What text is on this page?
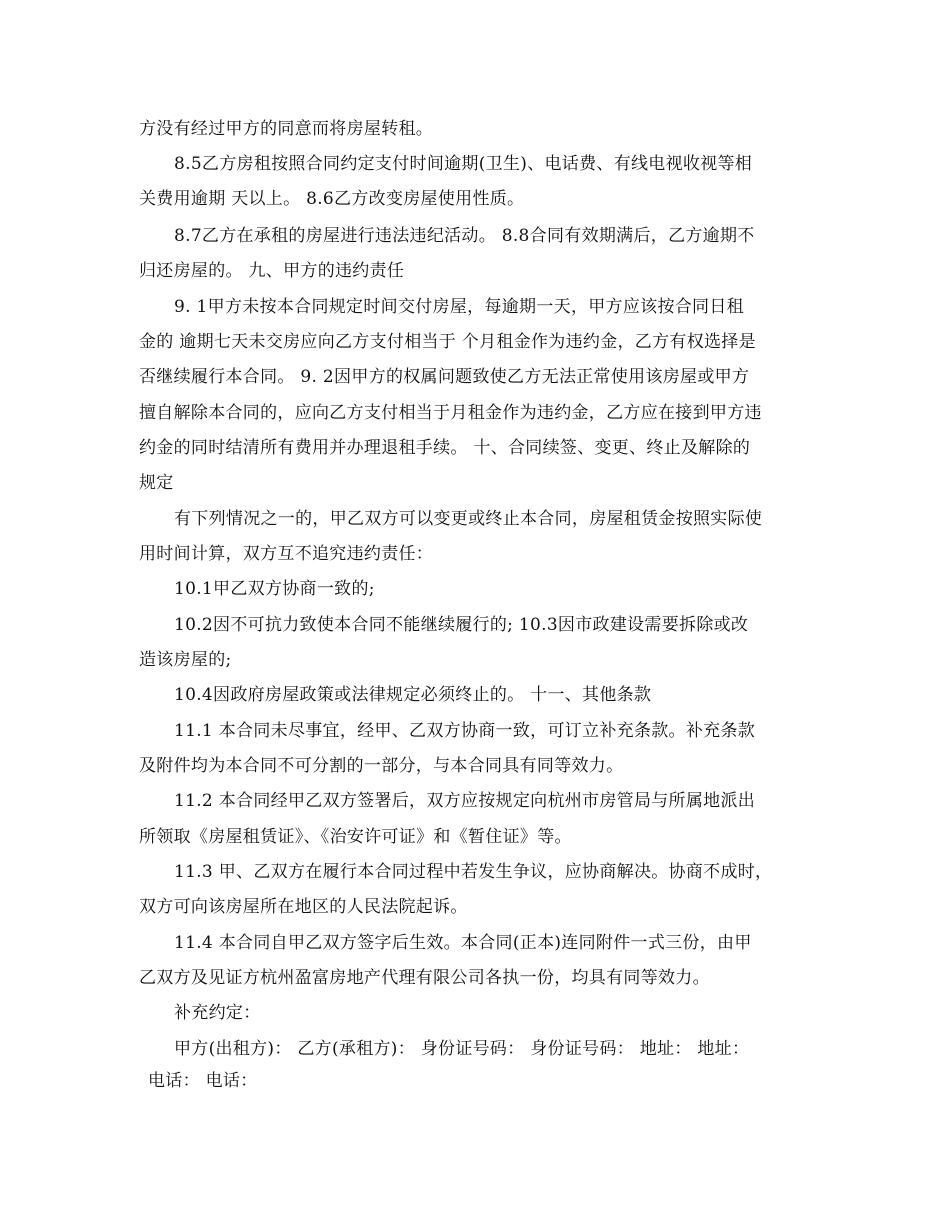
方没有经过甲方的同意而将房屋转租。
8.5乙方房租按照合同约定支付时间逾期(卫生)、电话费、有线电视收视等相
关费用逾期 天以上。 8.6乙方改变房屋使用性质。
8.7乙方在承租的房屋进行违法违纪活动。 8.8合同有效期满后，乙方逾期不
归还房屋的。 九、甲方的违约责任
9. 1甲方未按本合同规定时间交付房屋，每逾期一天，甲方应该按合同日租
金的 逾期七天未交房应向乙方支付相当于 个月租金作为违约金，乙方有权选择是
否继续履行本合同。 9. 2因甲方的权属问题致使乙方无法正常使用该房屋或甲方
擅自解除本合同的，应向乙方支付相当于月租金作为违约金，乙方应在接到甲方违
约金的同时结清所有费用并办理退租手续。 十、合同续签、变更、终止及解除的
规定
有下列情况之一的，甲乙双方可以变更或终止本合同，房屋租赁金按照实际使
用时间计算，双方互不追究违约责任：
10.1甲乙双方协商一致的;
10.2因不可抗力致使本合同不能继续履行的; 10.3因市政建设需要拆除或改
造该房屋的;
10.4因政府房屋政策或法律规定必须终止的。 十一、其他条款
11.1 本合同未尽事宜，经甲、乙双方协商一致，可订立补充条款。补充条款
及附件均为本合同不可分割的一部分，与本合同具有同等效力。
11.2 本合同经甲乙双方签署后，双方应按规定向杭州市房管局与所属地派出
所领取《房屋租赁证》、《治安许可证》和《暂住证》等。
11.3 甲、乙双方在履行本合同过程中若发生争议，应协商解决。协商不成时，
双方可向该房屋所在地区的人民法院起诉。
11.4 本合同自甲乙双方签字后生效。本合同(正本)连同附件一式三份，由甲
乙双方及见证方杭州盈富房地产代理有限公司各执一份，均具有同等效力。
补充约定：
甲方(出租方)： 乙方(承租方)： 身份证号码： 身份证号码： 地址： 地址：
电话： 电话：
